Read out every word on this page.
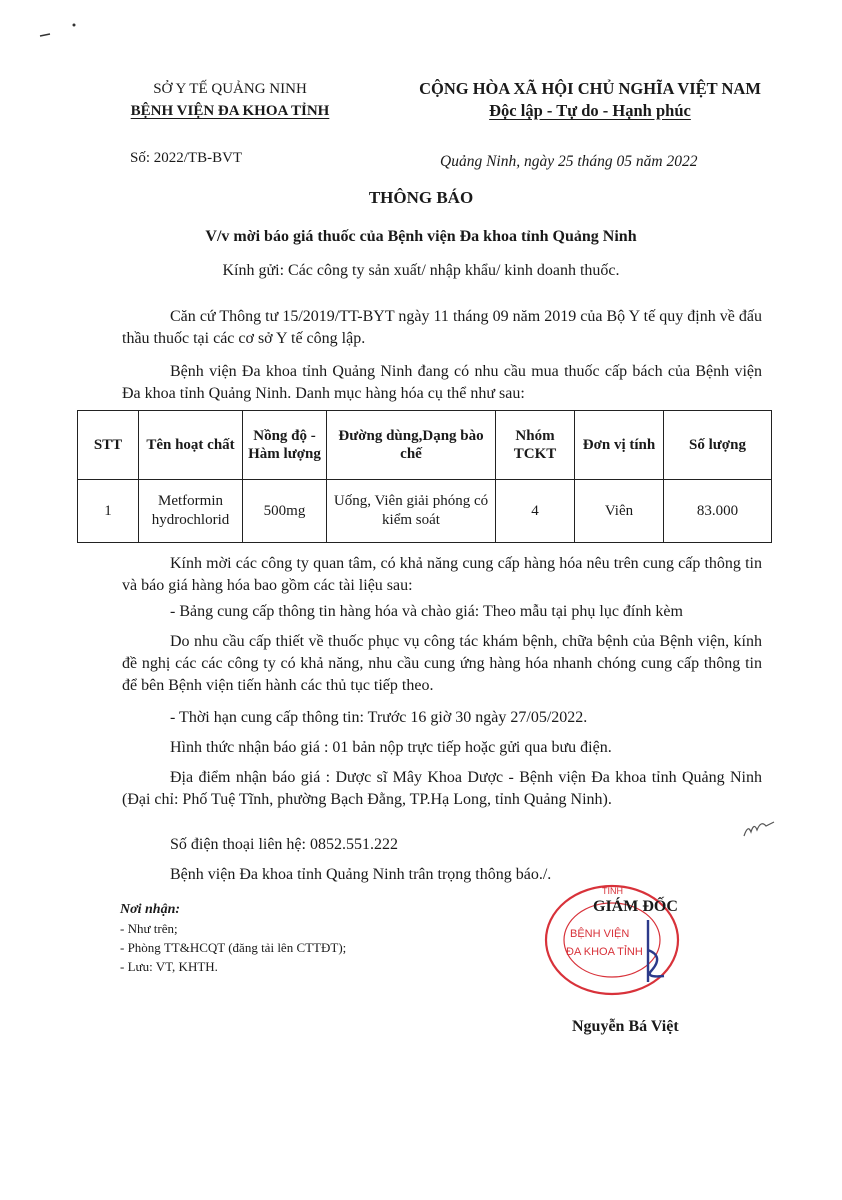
SỞ Y TẾ QUẢNG NINH
BỆNH VIỆN ĐA KHOA TỈNH
CỘNG HÒA XÃ HỘI CHỦ NGHĨA VIỆT NAM
Độc lập - Tự do - Hạnh phúc
Số: 2022/TB-BVT	Quảng Ninh, ngày 25 tháng 05 năm 2022
THÔNG BÁO
V/v mời báo giá thuốc của Bệnh viện Đa khoa tỉnh Quảng Ninh
Kính gửi: Các công ty sản xuất/ nhập khẩu/ kinh doanh thuốc.
Căn cứ Thông tư 15/2019/TT-BYT ngày 11 tháng 09 năm 2019 của Bộ Y tế quy định về đấu thầu thuốc tại các cơ sở Y tế công lập.
Bệnh viện Đa khoa tỉnh Quảng Ninh đang có nhu cầu mua thuốc cấp bách của Bệnh viện Đa khoa tỉnh Quảng Ninh. Danh mục hàng hóa cụ thể như sau:
STT	Tên hoạt chất	Nồng độ - Hàm lượng	Đường dùng,Dạng bào chế	Nhóm TCKT	Đơn vị tính	Số lượng
1	Metformin hydrochlorid	500mg	Uống, Viên giải phóng có kiểm soát	4	Viên	83.000
Kính mời các công ty quan tâm, có khả năng cung cấp hàng hóa nêu trên cung cấp thông tin và báo giá hàng hóa bao gồm các tài liệu sau:
- Bảng cung cấp thông tin hàng hóa và chào giá: Theo mẫu tại phụ lục đính kèm
Do nhu cầu cấp thiết về thuốc phục vụ công tác khám bệnh, chữa bệnh của Bệnh viện, kính đề nghị các các công ty có khả năng, nhu cầu cung ứng hàng hóa nhanh chóng cung cấp thông tin để bên Bệnh viện tiến hành các thủ tục tiếp theo.
- Thời hạn cung cấp thông tin: Trước 16 giờ 30 ngày 27/05/2022.
Hình thức nhận báo giá : 01 bản nộp trực tiếp hoặc gửi qua bưu điện.
Địa điểm nhận báo giá : Dược sĩ Mây Khoa Dược - Bệnh viện Đa khoa tỉnh Quảng Ninh (Đại chỉ: Phố Tuệ Tĩnh, phường Bạch Đằng, TP.Hạ Long, tỉnh Quảng Ninh).
Số điện thoại liên hệ: 0852.551.222
Bệnh viện Đa khoa tỉnh Quảng Ninh trân trọng thông báo./.
Nơi nhận:
- Như trên;
- Phòng TT&HCQT (đăng tải lên CTTĐT);
- Lưu: VT, KHTH.
TỈNH
BỆNH VIỆN
ĐA KHOA TỈNH
GIÁM ĐỐC
Nguyễn Bá Việt
